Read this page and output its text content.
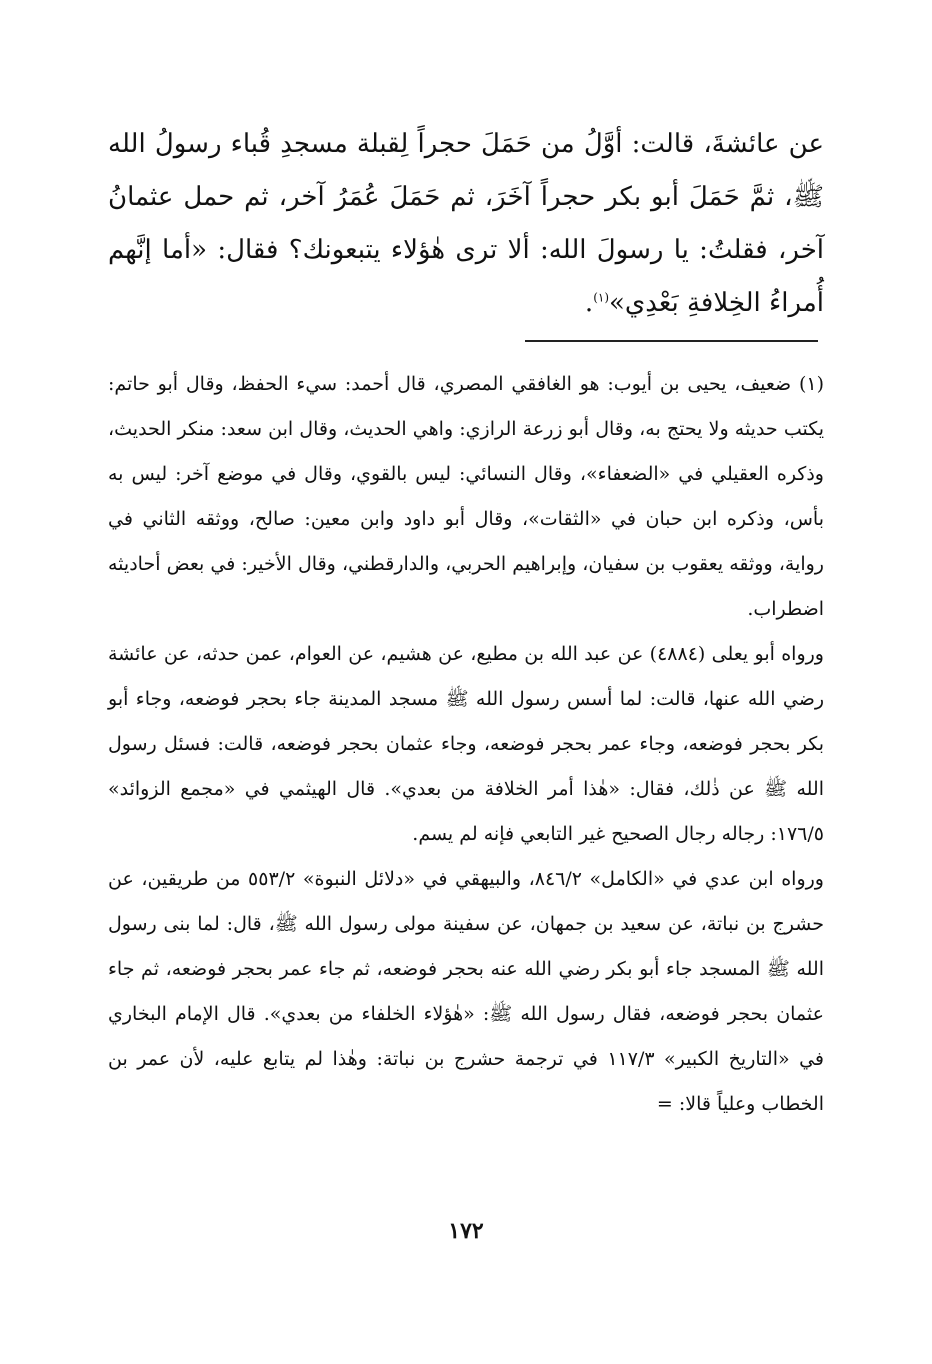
عن عائشةَ، قالت: أوَّلُ من حَمَلَ حجراً لِقبلة مسجدِ قُباء رسولُ الله ﷺ، ثمَّ حَمَلَ أبو بكر حجراً آخَرَ، ثم حَمَلَ عُمَرُ آخر، ثم حمل عثمانُ آخر، فقلتُ: يا رسولَ الله: ألا ترى هٰؤلاء يتبعونك؟ فقال: «أما إنَّهم أُمراءُ الخِلافةِ بَعْدِي»$^{(١)}$.

(١) ضعيف، يحيى بن أيوب: هو الغافقي المصري، قال أحمد: سيء الحفظ، وقال أبو حاتم: يكتب حديثه ولا يحتج به، وقال أبو زرعة الرازي: واهي الحديث، وقال ابن سعد: منكر الحديث، وذكره العقيلي في «الضعفاء»، وقال النسائي: ليس بالقوي، وقال في موضع آخر: ليس به بأس، وذكره ابن حبان في «الثقات»، وقال أبو داود وابن معين: صالح، ووثقه الثاني في رواية، ووثقه يعقوب بن سفيان، وإبراهيم الحربي، والدارقطني، وقال الأخير: في بعض أحاديثه اضطراب.

ورواه أبو يعلى (٤٨٨٤) عن عبد الله بن مطيع، عن هشيم، عن العوام، عمن حدثه، عن عائشة رضي الله عنها، قالت: لما أسس رسول الله ﷺ مسجد المدينة جاء بحجر فوضعه، وجاء أبو بكر بحجر فوضعه، وجاء عمر بحجر فوضعه، وجاء عثمان بحجر فوضعه، قالت: فسئل رسول الله ﷺ عن ذٰلك، فقال: «هٰذا أمر الخلافة من بعدي». قال الهيثمي في «مجمع الزوائد» ١٧٦/٥: رجاله رجال الصحيح غير التابعي فإنه لم يسم.

ورواه ابن عدي في «الكامل» ٨٤٦/٢، والبيهقي في «دلائل النبوة» ٥٥٣/٢ من طريقين، عن حشرج بن نباتة، عن سعيد بن جمهان، عن سفينة مولى رسول الله ﷺ، قال: لما بنى رسول الله ﷺ المسجد جاء أبو بكر رضي الله عنه بحجر فوضعه، ثم جاء عمر بحجر فوضعه، ثم جاء عثمان بحجر فوضعه، فقال رسول الله ﷺ: «هٰؤلاء الخلفاء من بعدي». قال الإمام البخاري في «التاريخ الكبير» ١١٧/٣ في ترجمة حشرج بن نباتة: وهٰذا لم يتابع عليه، لأن عمر بن الخطاب وعلياً قالا: =

١٧٢
